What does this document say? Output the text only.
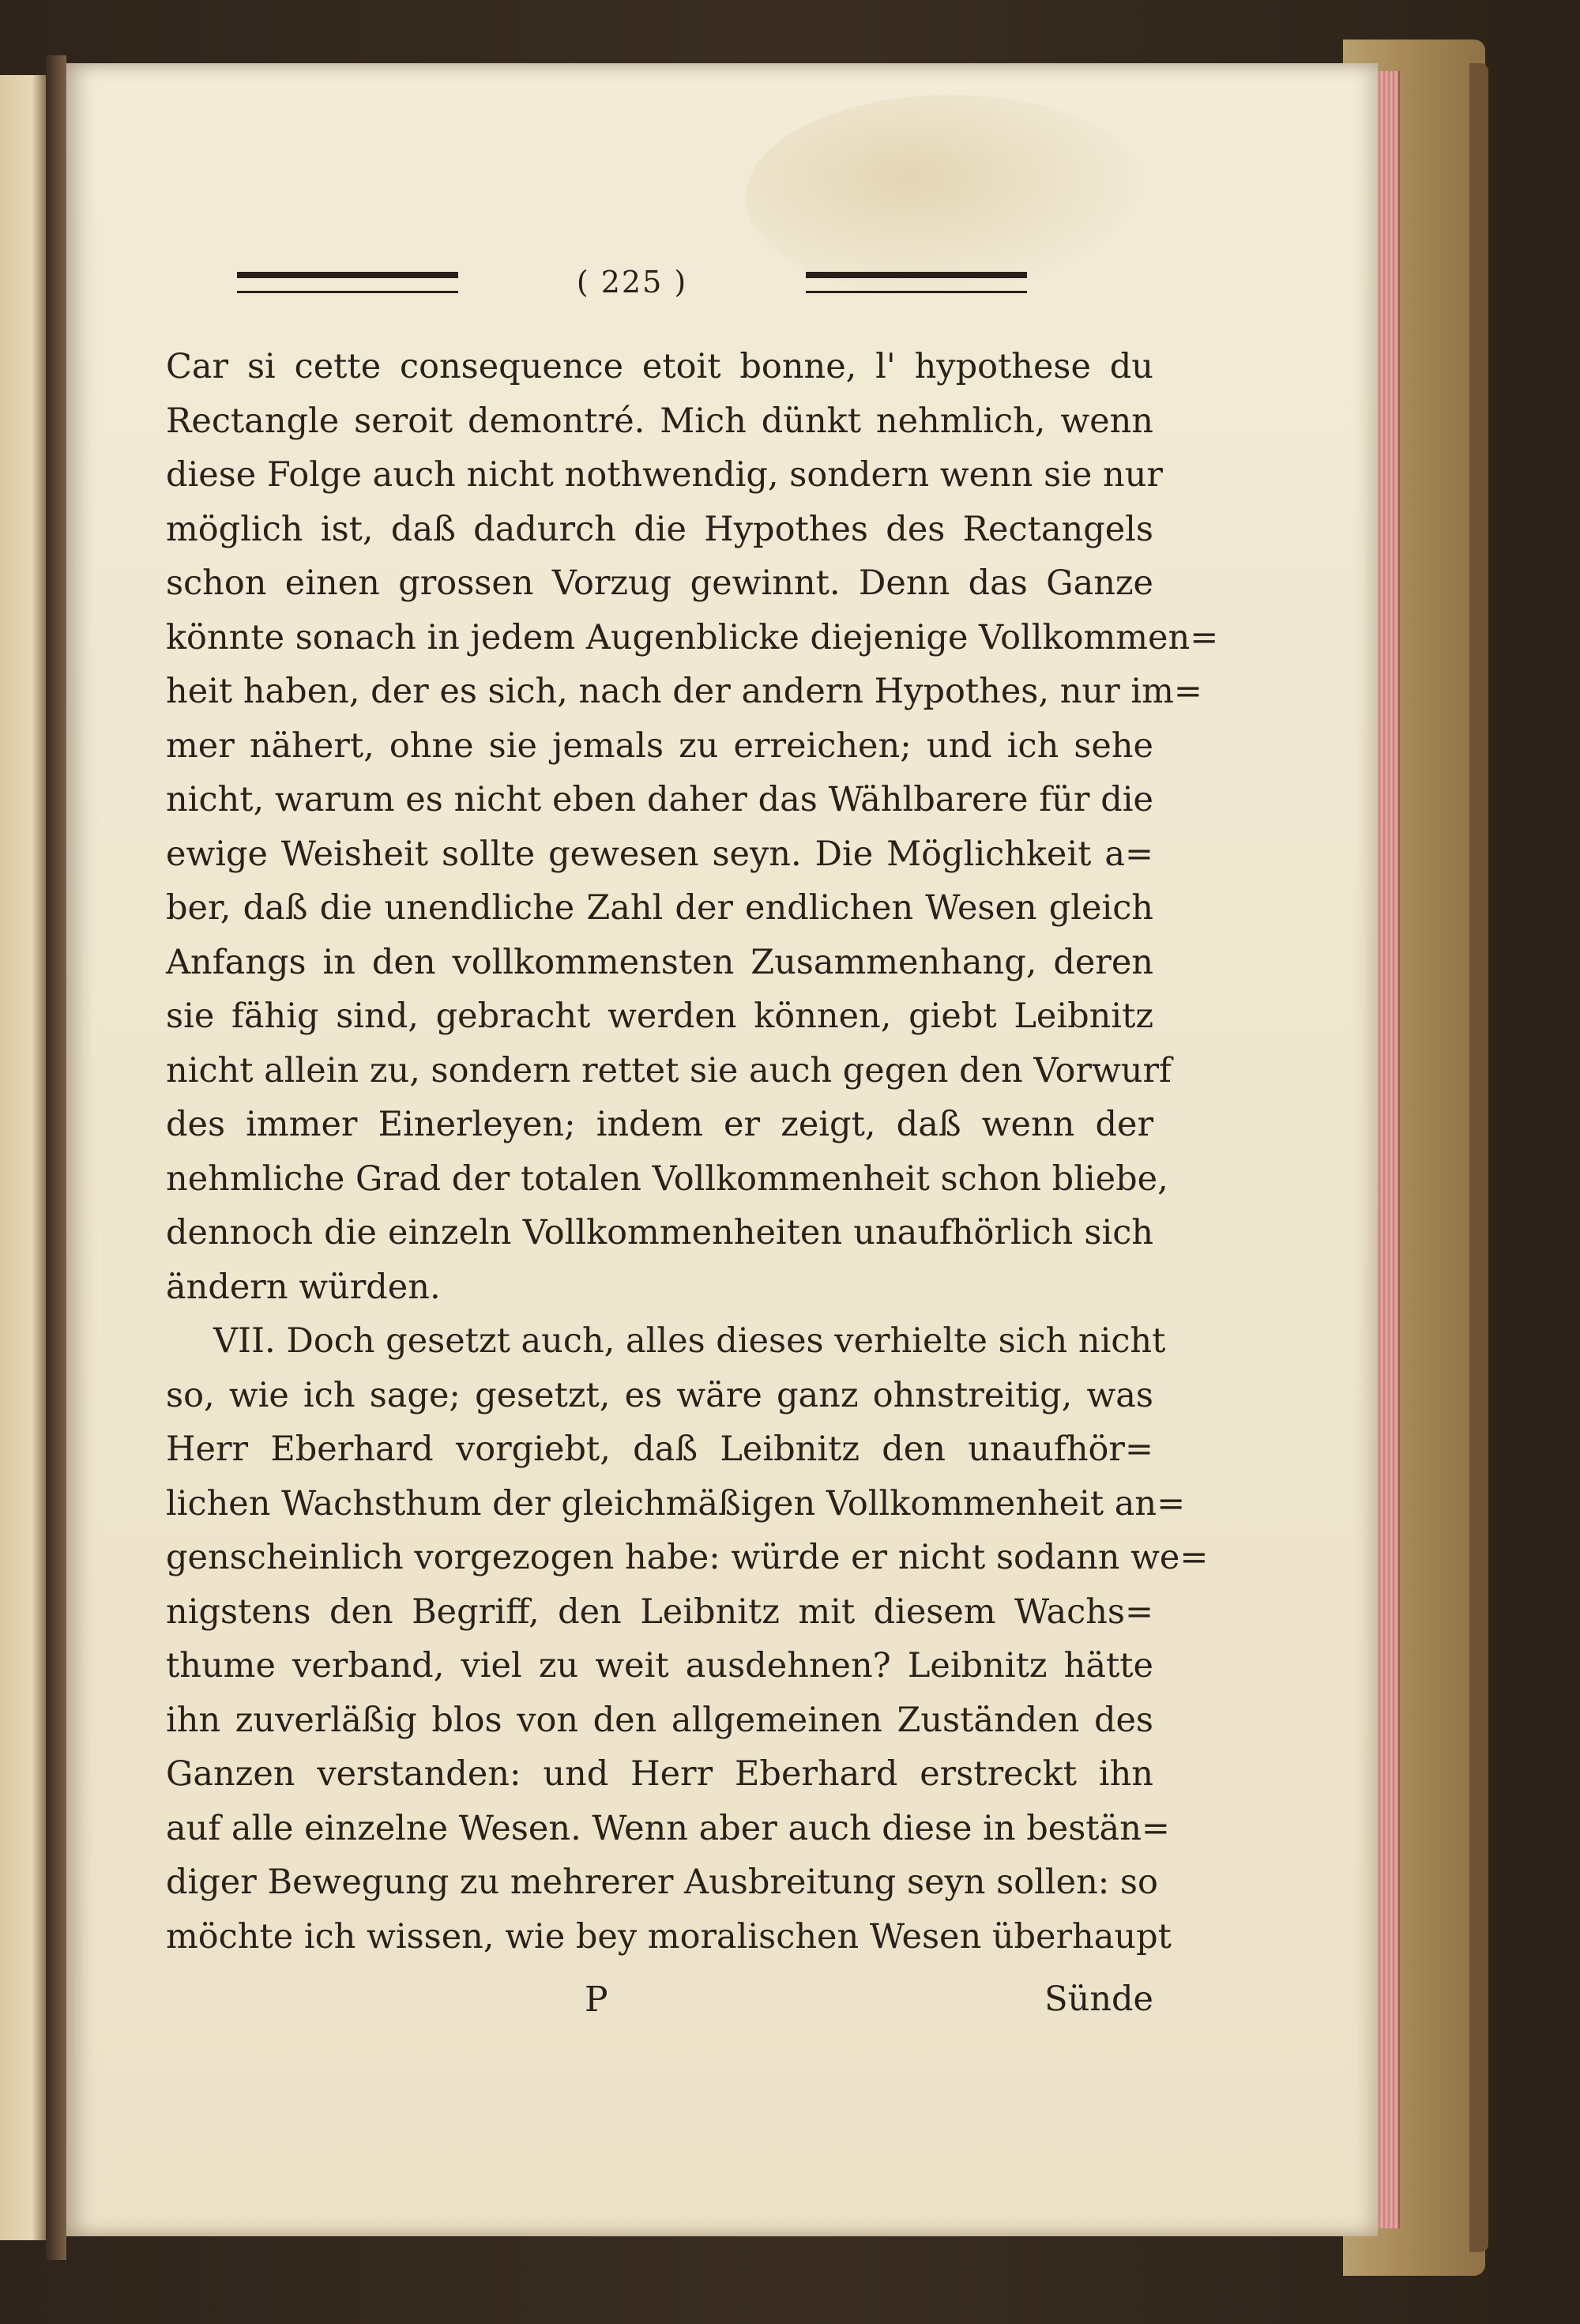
( 225 )
Car si cette consequence etoit bonne, l' hypothese du
Rectangle seroit demontré. Mich dünkt nehmlich, wenn
diese Folge auch nicht nothwendig, sondern wenn sie nur
möglich ist, daß dadurch die Hypothes des Rectangels
schon einen grossen Vorzug gewinnt. Denn das Ganze
könnte sonach in jedem Augenblicke diejenige Vollkommen=
heit haben, der es sich, nach der andern Hypothes, nur im=
mer nähert, ohne sie jemals zu erreichen; und ich sehe
nicht, warum es nicht eben daher das Wählbarere für die
ewige Weisheit sollte gewesen seyn. Die Möglichkeit a=
ber, daß die unendliche Zahl der endlichen Wesen gleich
Anfangs in den vollkommensten Zusammenhang, deren
sie fähig sind, gebracht werden können, giebt Leibnitz
nicht allein zu, sondern rettet sie auch gegen den Vorwurf
des immer Einerleyen; indem er zeigt, daß wenn der
nehmliche Grad der totalen Vollkommenheit schon bliebe,
dennoch die einzeln Vollkommenheiten unaufhörlich sich
ändern würden.
VII. Doch gesetzt auch, alles dieses verhielte sich nicht
so, wie ich sage; gesetzt, es wäre ganz ohnstreitig, was
Herr Eberhard vorgiebt, daß Leibnitz den unaufhör=
lichen Wachsthum der gleichmäßigen Vollkommenheit an=
genscheinlich vorgezogen habe: würde er nicht sodann we=
nigstens den Begriff, den Leibnitz mit diesem Wachs=
thume verband, viel zu weit ausdehnen? Leibnitz hätte
ihn zuverläßig blos von den allgemeinen Zuständen des
Ganzen verstanden: und Herr Eberhard erstreckt ihn
auf alle einzelne Wesen. Wenn aber auch diese in bestän=
diger Bewegung zu mehrerer Ausbreitung seyn sollen: so
möchte ich wissen, wie bey moralischen Wesen überhaupt
P	Sünde
